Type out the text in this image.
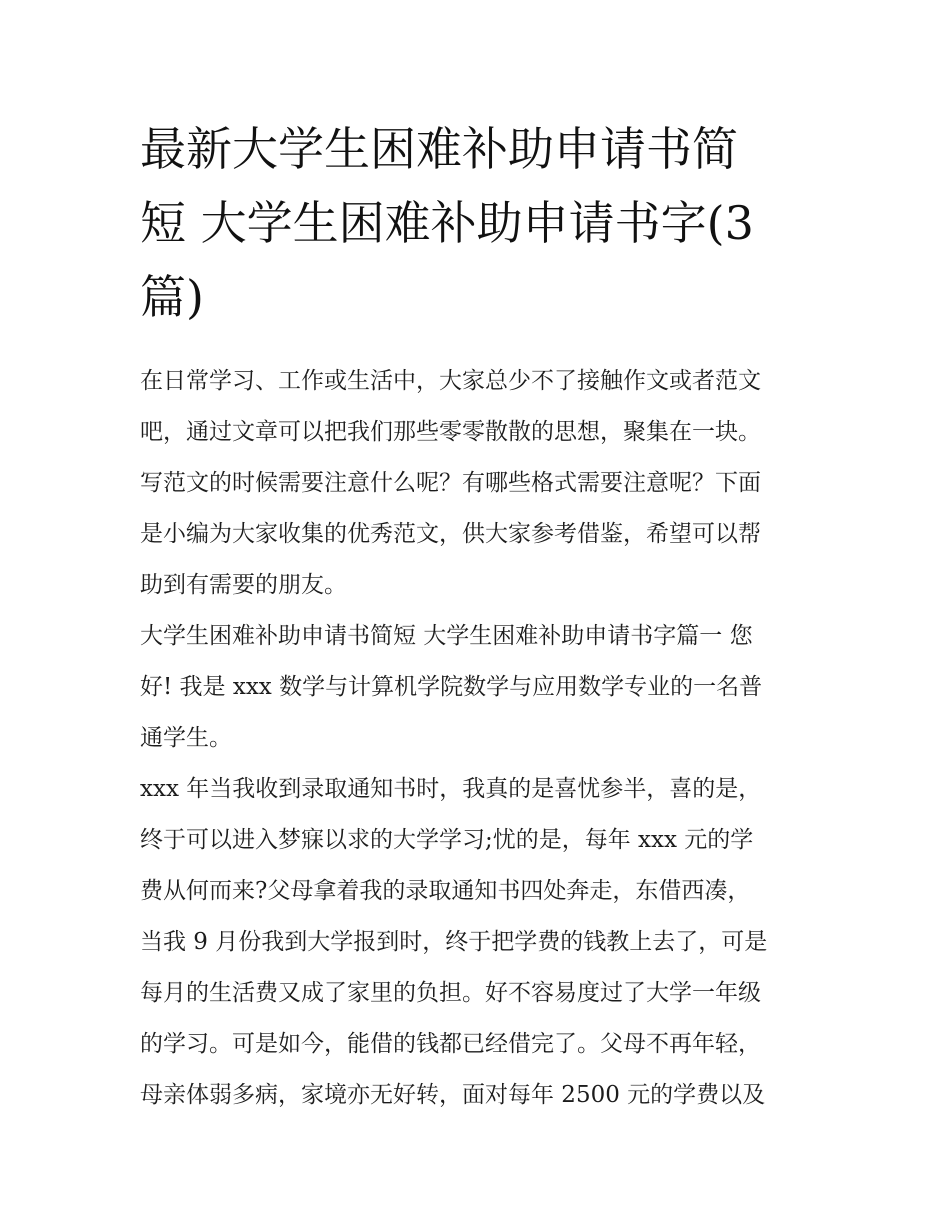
最新大学生困难补助申请书简
短 大学生困难补助申请书字(3
篇)

在日常学习、工作或生活中，大家总少不了接触作文或者范文
吧，通过文章可以把我们那些零零散散的思想，聚集在一块。
写范文的时候需要注意什么呢？有哪些格式需要注意呢？下面
是小编为大家收集的优秀范文，供大家参考借鉴，希望可以帮
助到有需要的朋友。

大学生困难补助申请书简短 大学生困难补助申请书字篇一 您
好! 我是 xxx 数学与计算机学院数学与应用数学专业的一名普
通学生。

xxx 年当我收到录取通知书时，我真的是喜忧参半，喜的是，
终于可以进入梦寐以求的大学学习;忧的是，每年 xxx 元的学
费从何而来?父母拿着我的录取通知书四处奔走，东借西凑，
当我 9 月份我到大学报到时，终于把学费的钱教上去了，可是
每月的生活费又成了家里的负担。好不容易度过了大学一年级
的学习。可是如今，能借的钱都已经借完了。父母不再年轻，
母亲体弱多病，家境亦无好转，面对每年 2500 元的学费以及
